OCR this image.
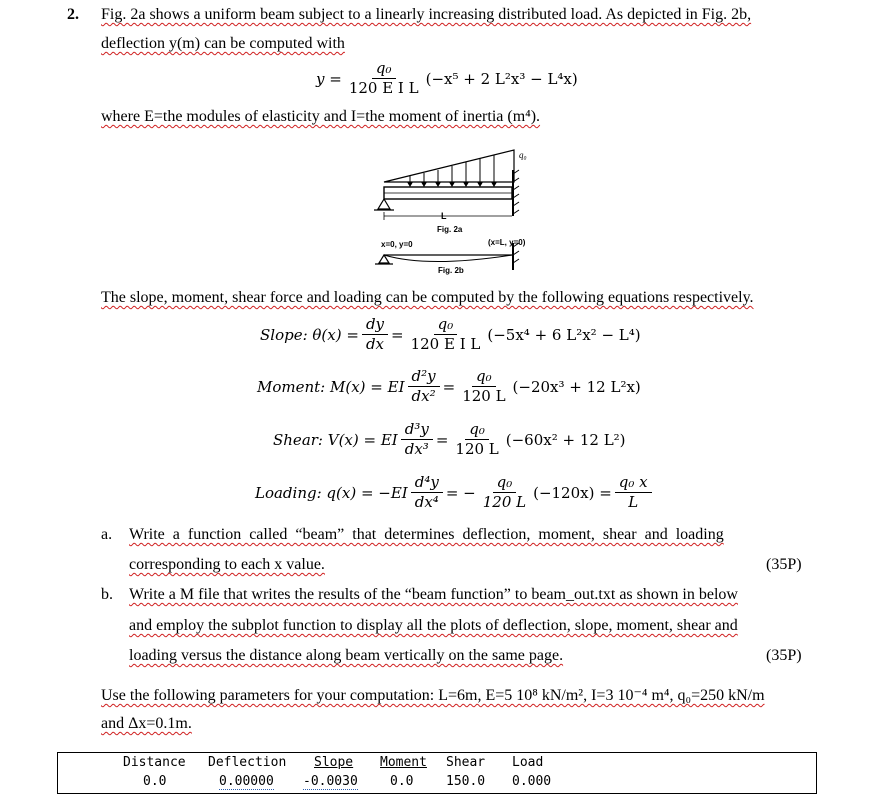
2. Fig. 2a shows a uniform beam subject to a linearly increasing distributed load. As depicted in Fig. 2b,
deflection y(m) can be computed with
$y = \frac{\text{q₀}}{\text{120 E I L}} (-x^5 + 2$ L²x³ − L⁴x)
where E=the modules of elasticity and I=the moment of inertia (m⁴).
q₀
L
Fig. 2a
x=0, y=0	(x=L, y=0)
Fig. 2b
The slope, moment, shear force and loading can be computed by the following equations respectively.
Slope: $\theta(x) = \frac{dy}{dx} = \frac{\text{q₀}}{\text{120 E I L}} (-5x^4 + 6$ L²x² − L⁴)
Moment: M(x) = EI $\frac{\text{d²y}}{\text{dx²}} = \frac{\text{q₀}}{120 L} (-20x^3 + 12$ L²x)
Shear: V(x) = EI $\frac{\text{d³y}}{\text{dx³}} = \frac{\text{q₀}}{120 L} (-60x^2 + 12$ L²)
Loading: $q(x) = -EI \frac{\text{d⁴y}}{\text{dx⁴}}$ = − $\frac{\text{q₀}}{120 L} (-120x) = \frac{\text{q₀ x}}{L}$
a. Write a function called “beam” that determines deflection, moment, shear and loading
corresponding to each x value.	(35P)
b. Write a M file that writes the results of the “beam function” to beam_out.txt as shown in below
and employ the subplot function to display all the plots of deflection, slope, moment, shear and
loading versus the distance along beam vertically on the same page.	(35P)
Use the following parameters for your computation: L=6m, E=5 10⁸ kN/m², I=3 10⁻⁴ m⁴, q₀=250 kN/m
and Δx=0.1m.
Distance Deflection Slope Moment Shear Load
0.0	0.00000 -0.0030 0.0	150.0 0.000
